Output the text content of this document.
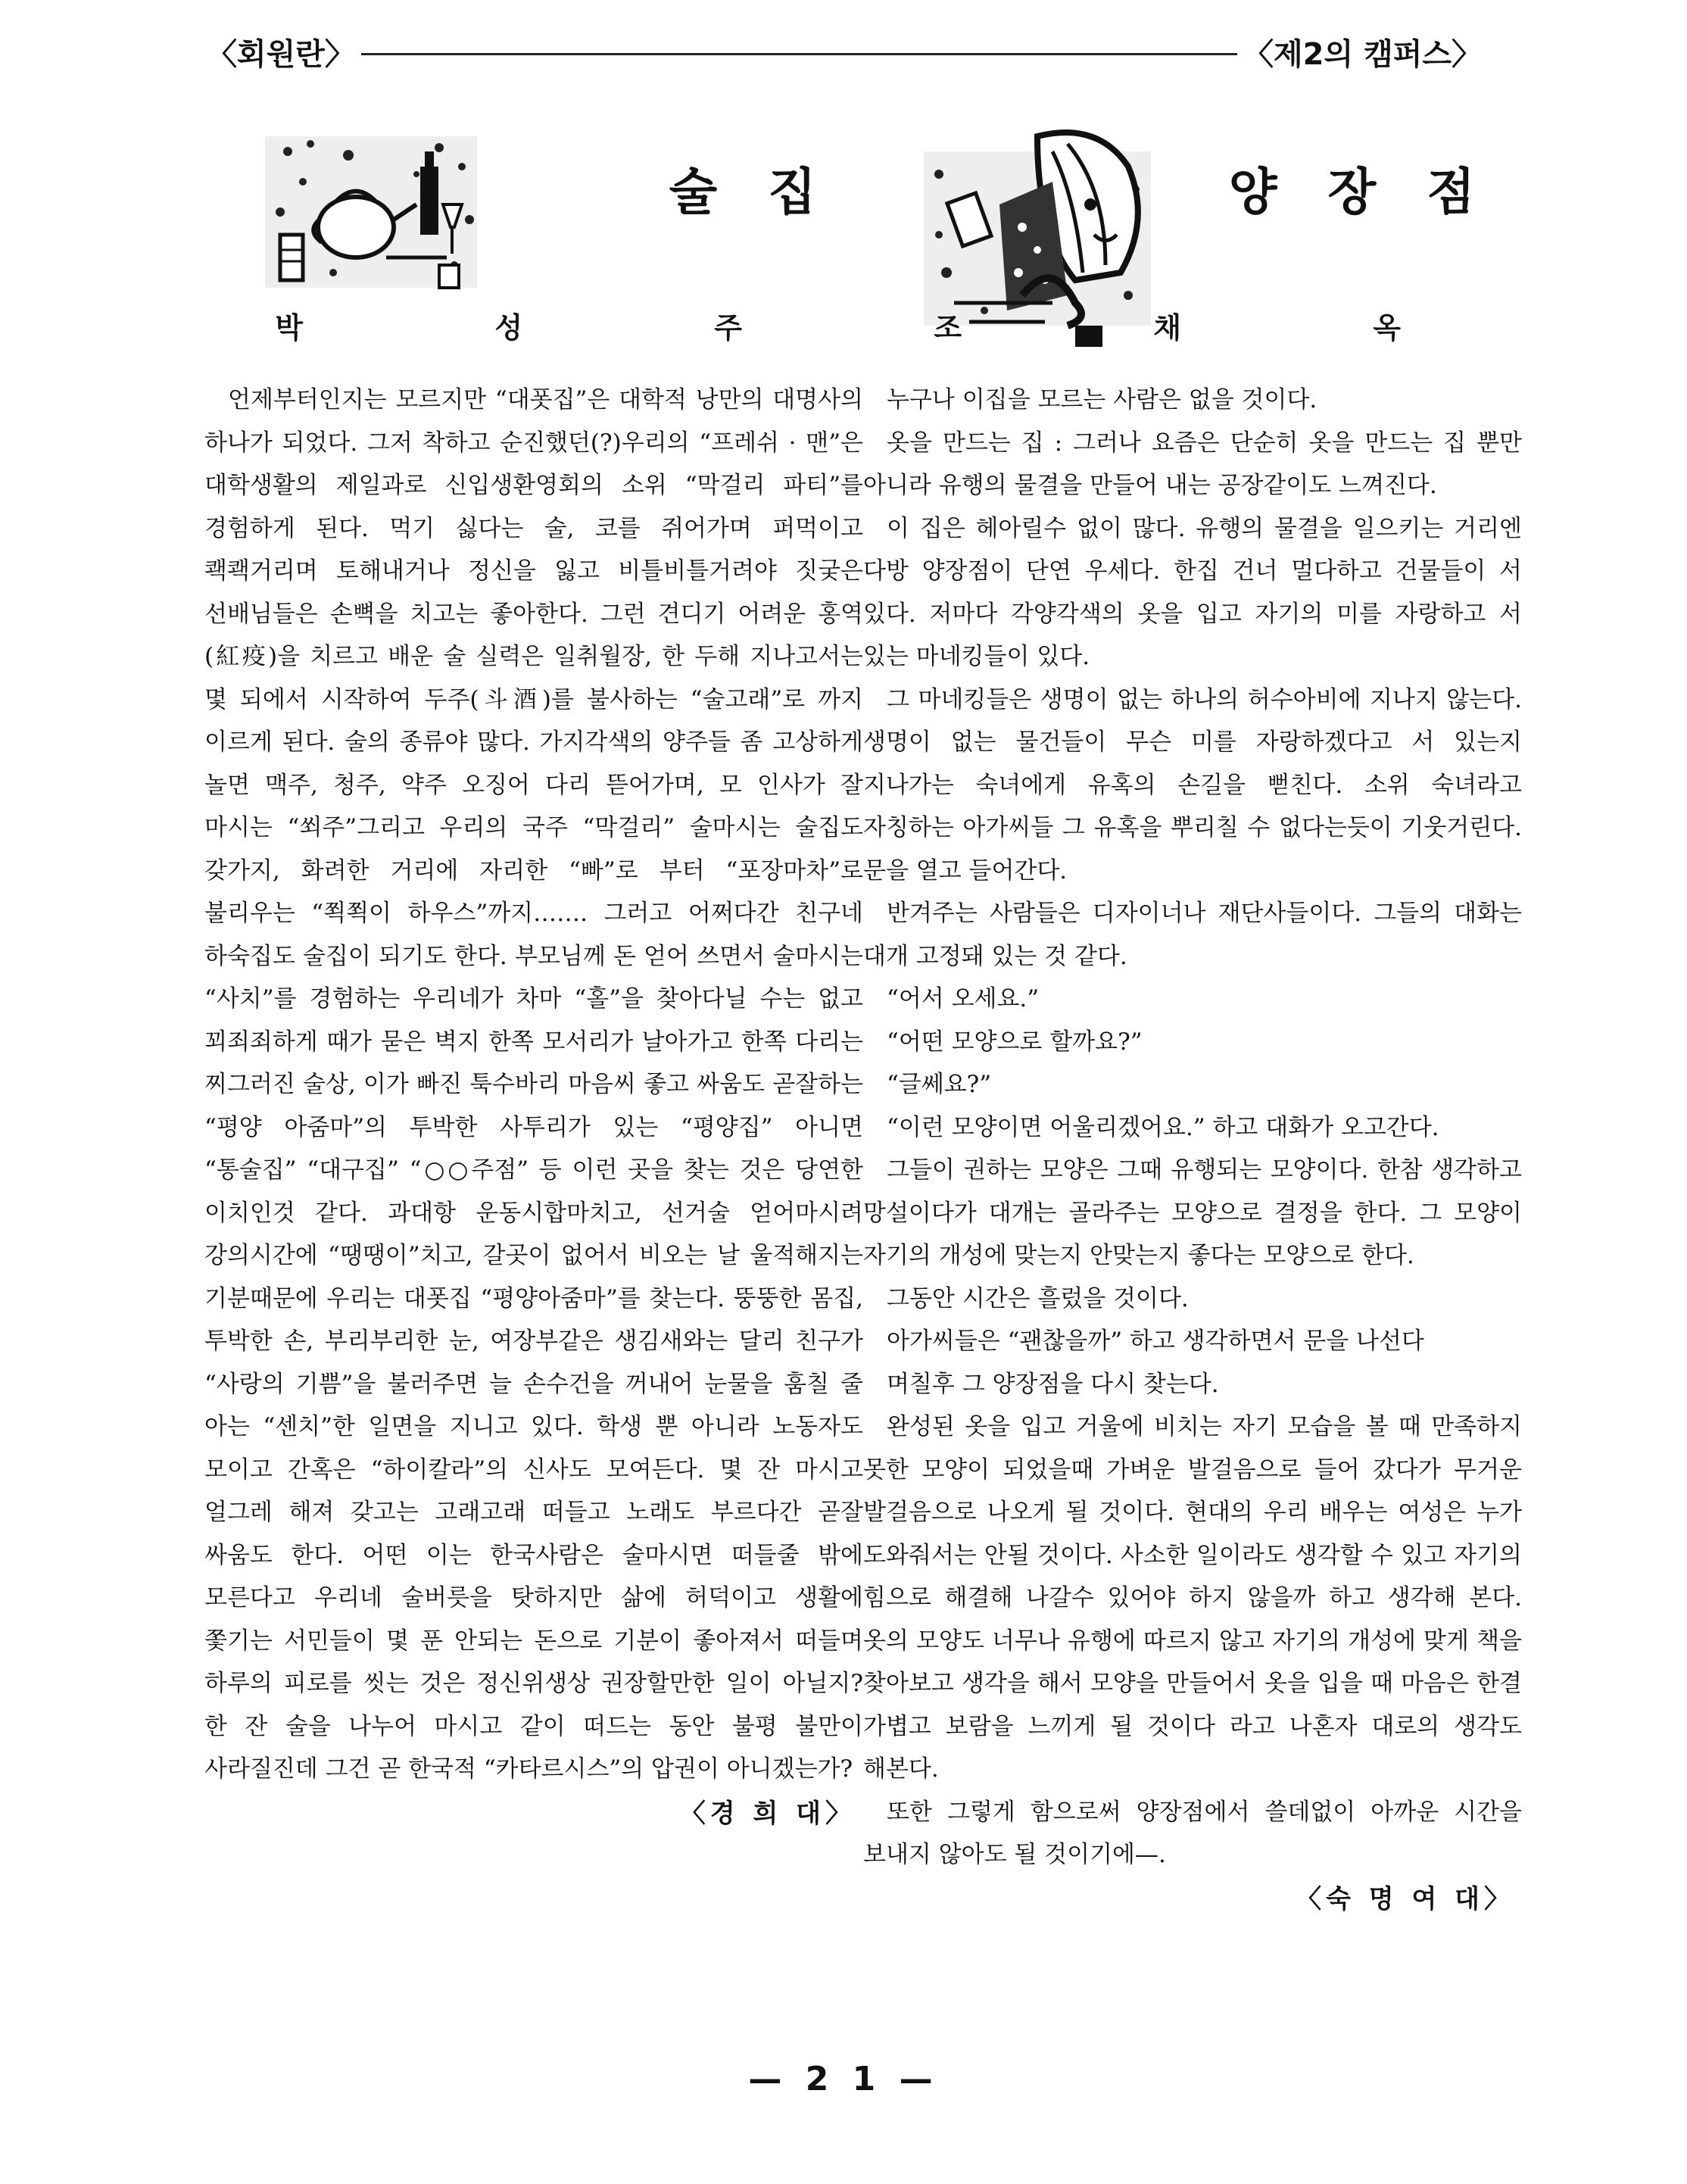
〈회원란〉	〈제2의 캠퍼스〉
술 집
박 성 주

언제부터인지는 모르지만 “대폿집”은 대학적 낭만의 대명사의 하나가 되었다. 그저 착하고 순진했던(?)우리의 “프레쉬 · 맨”은 대학생활의 제일과로 신입생환영회의 소위 “막걸리 파티”를 경험하게 된다. 먹기 싫다는 술, 코를 쥐어가며 퍼먹이고 쾍쾍거리며 토해내거나 정신을 잃고 비틀비틀거려야 짓궂은 선배님들은 손뼉을 치고는 좋아한다. 그런 견디기 어려운 홍역(紅疫)을 치르고 배운 술 실력은 일취월장, 한 두해 지나고서는 몇 되에서 시작하여 두주(斗酒)를 불사하는 “술고래”로 까지 이르게 된다. 술의 종류야 많다. 가지각색의 양주들 좀 고상하게 놀면 맥주, 청주, 약주 오징어 다리 뜯어가며, 모 인사가 잘 마시는 “쐬주”그리고 우리의 국주 “막걸리” 술마시는 술집도 갖가지, 화려한 거리에 자리한 “빠”로 부터 “포장마차”로 불리우는 “쬑쬑이 하우스”까지……. 그러고 어쩌다간 친구네 하숙집도 술집이 되기도 한다. 부모님께 돈 얻어 쓰면서 술마시는 “사치”를 경험하는 우리네가 차마 “홀”을 찾아다닐 수는 없고 꾀죄죄하게 때가 묻은 벽지 한쪽 모서리가 날아가고 한쪽 다리는 찌그러진 술상, 이가 빠진 툭수바리 마음씨 좋고 싸움도 곧잘하는 “평양 아줌마”의 투박한 사투리가 있는 “평양집” 아니면 “통술집” “대구집” “○○주점” 등 이런 곳을 찾는 것은 당연한 이치인것 같다. 과대항 운동시합마치고, 선거술 얻어마시려 강의시간에 “땡땡이”치고, 갈곳이 없어서 비오는 날 울적해지는 기분때문에 우리는 대폿집 “평양아줌마”를 찾는다. 뚱뚱한 몸집, 투박한 손, 부리부리한 눈, 여장부같은 생김새와는 달리 친구가 “사랑의 기쁨”을 불러주면 늘 손수건을 꺼내어 눈물을 훔칠 줄 아는 “센치”한 일면을 지니고 있다. 학생 뿐 아니라 노동자도 모이고 간혹은 “하이칼라”의 신사도 모여든다. 몇 잔 마시고 얼그레 해져 갖고는 고래고래 떠들고 노래도 부르다간 곧잘 싸움도 한다. 어떤 이는 한국사람은 술마시면 떠들줄 밖에 모른다고 우리네 술버릇을 탓하지만 삶에 허덕이고 생활에 쫓기는 서민들이 몇 푼 안되는 돈으로 기분이 좋아져서 떠들며 하루의 피로를 씻는 것은 정신위생상 권장할만한 일이 아닐지? 한 잔 술을 나누어 마시고 같이 떠드는 동안 불평 불만이 사라질진데 그건 곧 한국적 “카타르시스”의 압권이 아니겠는가?

〈경 희 대〉
양 장 점
조 채 옥

누구나 이집을 모르는 사람은 없을 것이다.

옷을 만드는 집 : 그러나 요즘은 단순히 옷을 만드는 집 뿐만 아니라 유행의 물결을 만들어 내는 공장같이도 느껴진다.

이 집은 헤아릴수 없이 많다. 유행의 물결을 일으키는 거리엔 다방 양장점이 단연 우세다. 한집 건너 멀다하고 건물들이 서 있다. 저마다 각양각색의 옷을 입고 자기의 미를 자랑하고 서 있는 마네킹들이 있다.

그 마네킹들은 생명이 없는 하나의 허수아비에 지나지 않는다. 생명이 없는 물건들이 무슨 미를 자랑하겠다고 서 있는지 지나가는 숙녀에게 유혹의 손길을 뻗친다. 소위 숙녀라고 자칭하는 아가씨들 그 유혹을 뿌리칠 수 없다는듯이 기웃거린다. 문을 열고 들어간다.

반겨주는 사람들은 디자이너나 재단사들이다. 그들의 대화는 대개 고정돼 있는 것 같다.

“어서 오세요.”

“어떤 모양으로 할까요?”

“글쎄요?”

“이런 모양이면 어울리겠어요.” 하고 대화가 오고간다.

그들이 권하는 모양은 그때 유행되는 모양이다. 한참 생각하고 망설이다가 대개는 골라주는 모양으로 결정을 한다. 그 모양이 자기의 개성에 맞는지 안맞는지 좋다는 모양으로 한다.

그동안 시간은 흘렀을 것이다.

아가씨들은 “괜찮을까” 하고 생각하면서 문을 나선다

며칠후 그 양장점을 다시 찾는다.

완성된 옷을 입고 거울에 비치는 자기 모습을 볼 때 만족하지 못한 모양이 되었을때 가벼운 발걸음으로 들어 갔다가 무거운 발걸음으로 나오게 될 것이다. 현대의 우리 배우는 여성은 누가 도와줘서는 안될 것이다. 사소한 일이라도 생각할 수 있고 자기의 힘으로 해결해 나갈수 있어야 하지 않을까 하고 생각해 본다. 옷의 모양도 너무나 유행에 따르지 않고 자기의 개성에 맞게 책을 찾아보고 생각을 해서 모양을 만들어서 옷을 입을 때 마음은 한결 가볍고 보람을 느끼게 될 것이다 라고 나혼자 대로의 생각도 해본다.

또한 그렇게 함으로써 양장점에서 쓸데없이 아까운 시간을 보내지 않아도 될 것이기에—.

〈숙 명 여 대〉
— 2 1 —
